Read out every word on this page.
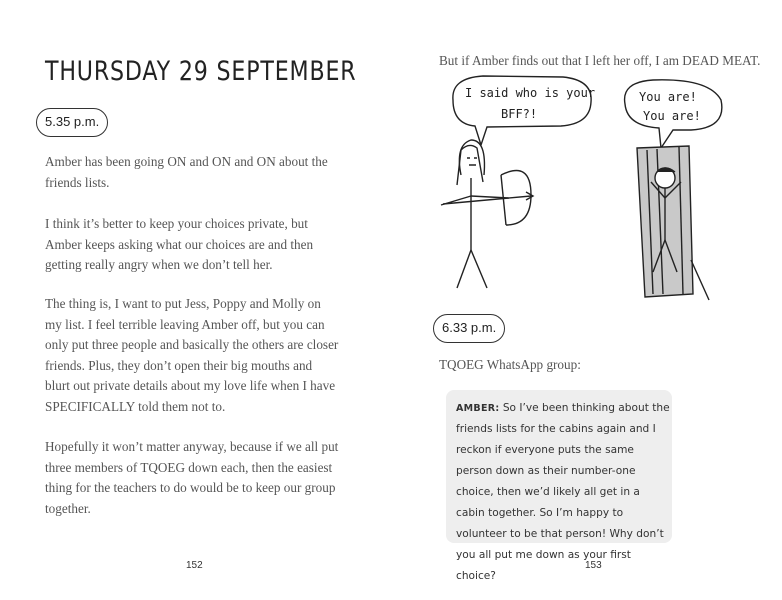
THURSDAY 29 SEPTEMBER
5.35 p.m.

Amber has been going ON and ON and ON about the friends lists.

I think it’s better to keep your choices private, but Amber keeps asking what our choices are and then getting really angry when we don’t tell her.

The thing is, I want to put Jess, Poppy and Molly on my list. I feel terrible leaving Amber off, but you can only put three people and basically the others are closer friends. Plus, they don’t open their big mouths and blurt out private details about my love life when I have SPECIFICALLY told them not to.

Hopefully it won’t matter anyway, because if we all put three members of TQOEG down each, then the easiest thing for the teachers to do would be to keep our group together.

152
But if Amber finds out that I left her off, I am DEAD MEAT.
I said who is your
BFF?!
You are!
You are!
6.33 p.m.
TQOEG WhatsApp group:
AMBER: So I’ve been thinking about the friends lists for the cabins again and I reckon if everyone puts the same person down as their number-one choice, then we’d likely all get in a cabin together. So I’m happy to volunteer to be that person! Why don’t you all put me down as your first choice?
153
